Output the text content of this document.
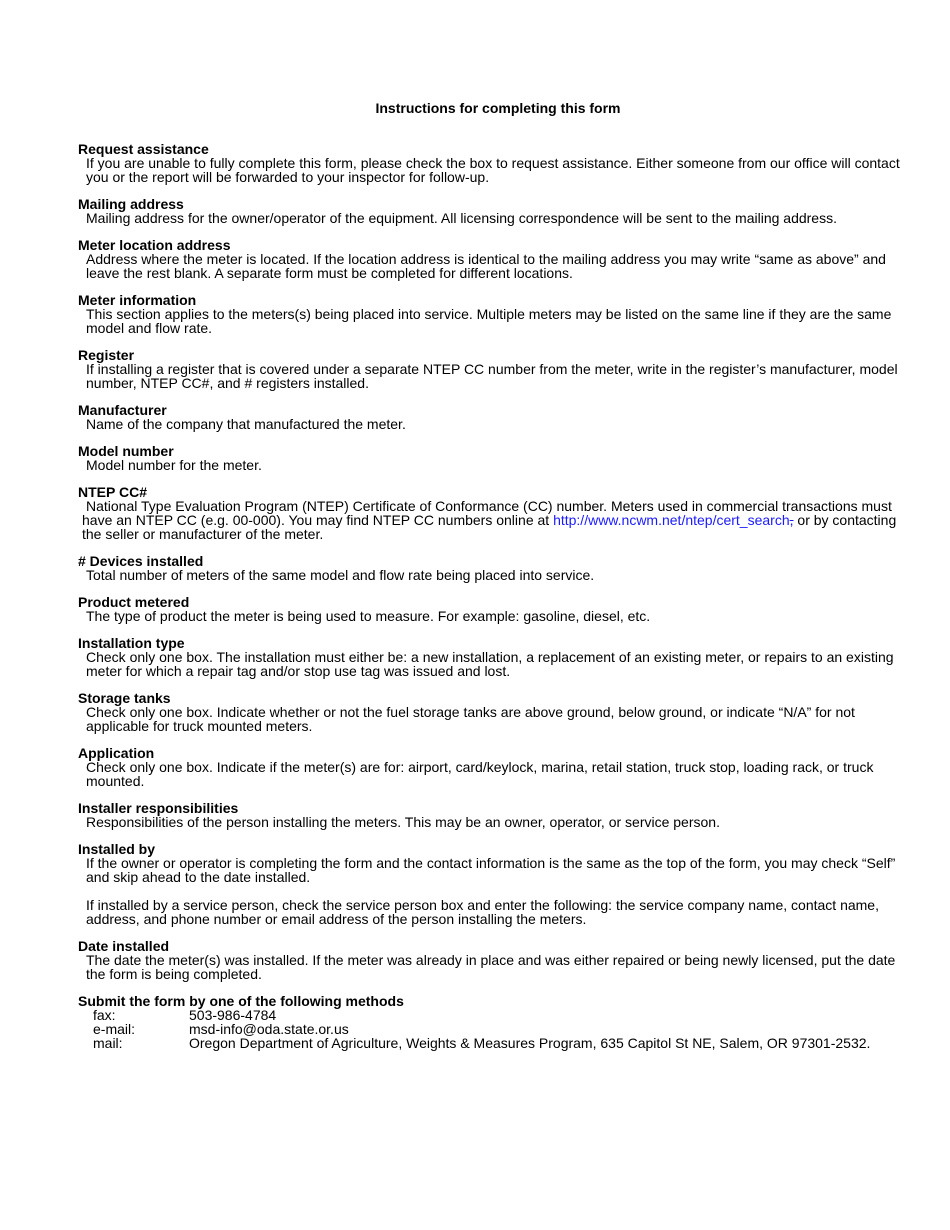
Instructions for completing this form
Request assistance
If you are unable to fully complete this form, please check the box to request assistance. Either someone from our office will contact you or the report will be forwarded to your inspector for follow-up.
Mailing address
Mailing address for the owner/operator of the equipment. All licensing correspondence will be sent to the mailing address.
Meter location address
Address where the meter is located. If the location address is identical to the mailing address you may write “same as above” and leave the rest blank. A separate form must be completed for different locations.
Meter information
This section applies to the meters(s) being placed into service. Multiple meters may be listed on the same line if they are the same model and flow rate.
Register
If installing a register that is covered under a separate NTEP CC number from the meter, write in the register’s manufacturer, model number, NTEP CC#, and # registers installed.
Manufacturer
Name of the company that manufactured the meter.
Model number
Model number for the meter.
NTEP CC#
National Type Evaluation Program (NTEP) Certificate of Conformance (CC) number. Meters used in commercial transactions must have an NTEP CC (e.g. 00-000). You may find NTEP CC numbers online at http://www.ncwm.net/ntep/cert_search, or by contacting the seller or manufacturer of the meter.
# Devices installed
Total number of meters of the same model and flow rate being placed into service.
Product metered
The type of product the meter is being used to measure. For example: gasoline, diesel, etc.
Installation type
Check only one box. The installation must either be: a new installation, a replacement of an existing meter, or repairs to an existing meter for which a repair tag and/or stop use tag was issued and lost.
Storage tanks
Check only one box. Indicate whether or not the fuel storage tanks are above ground, below ground, or indicate “N/A” for not applicable for truck mounted meters.
Application
Check only one box. Indicate if the meter(s) are for: airport, card/keylock, marina, retail station, truck stop, loading rack, or truck mounted.
Installer responsibilities
Responsibilities of the person installing the meters. This may be an owner, operator, or service person.
Installed by
If the owner or operator is completing the form and the contact information is the same as the top of the form, you may check “Self” and skip ahead to the date installed.
If installed by a service person, check the service person box and enter the following: the service company name, contact name, address, and phone number or email address of the person installing the meters.
Date installed
The date the meter(s) was installed. If the meter was already in place and was either repaired or being newly licensed, put the date the form is being completed.
Submit the form by one of the following methods
fax:	503-986-4784
e-mail:	msd-info@oda.state.or.us
mail:	Oregon Department of Agriculture, Weights & Measures Program, 635 Capitol St NE, Salem, OR 97301-2532.
